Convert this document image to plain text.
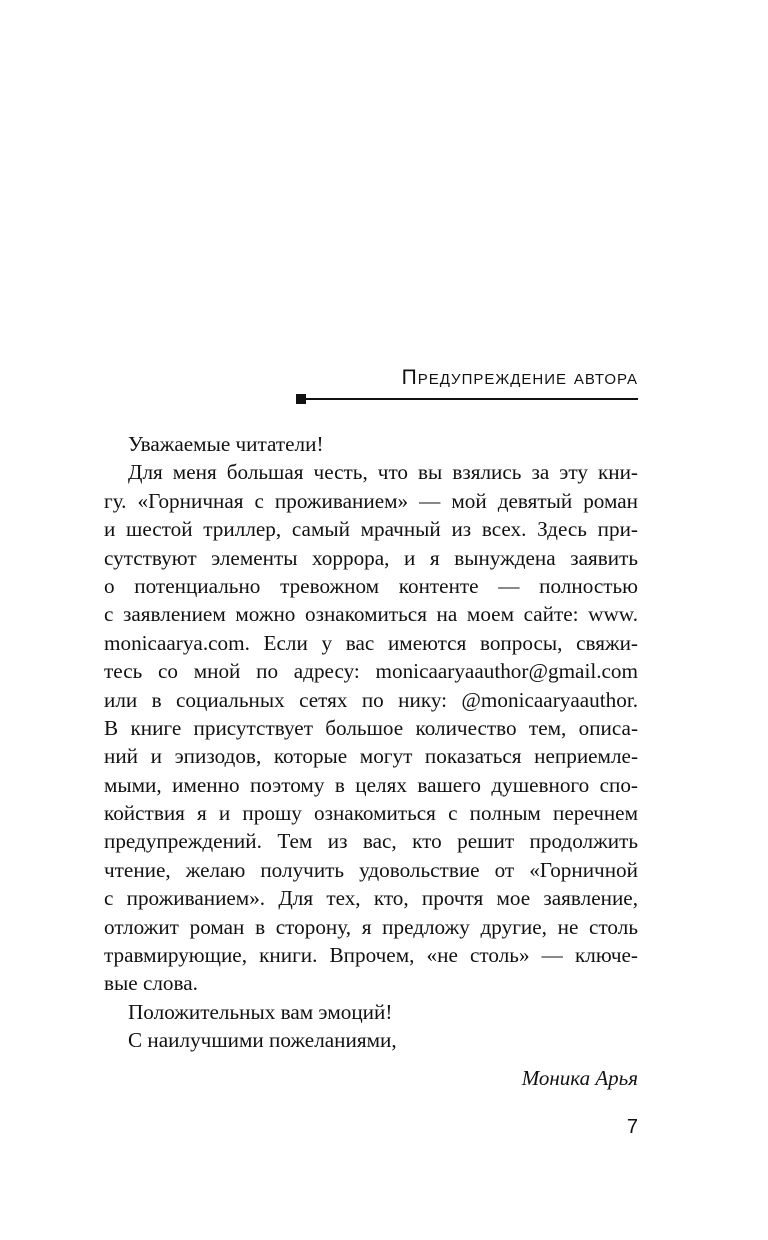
Предупреждение автора
Уважаемые читатели!
Для меня большая честь, что вы взялись за эту кни-
гу. «Горничная с проживанием» — мой девятый роман
и шестой триллер, самый мрачный из всех. Здесь при-
сутствуют элементы хоррора, и я вынуждена заявить
о потенциально тревожном контенте — полностью
с заявлением можно ознакомиться на моем сайте: www.
monicaarya.com. Если у вас имеются вопросы, свяжи-
тесь со мной по адресу: monicaaryaauthor@gmail.com
или в социальных сетях по нику: @monicaaryaauthor.
В книге присутствует большое количество тем, описа-
ний и эпизодов, которые могут показаться неприемле-
мыми, именно поэтому в целях вашего душевного спо-
койствия я и прошу ознакомиться с полным перечнем
предупреждений. Тем из вас, кто решит продолжить
чтение, желаю получить удовольствие от «Горничной
с проживанием». Для тех, кто, прочтя мое заявление,
отложит роман в сторону, я предложу другие, не столь
травмирующие, книги. Впрочем, «не столь» — ключе-
вые слова.
Положительных вам эмоций!
С наилучшими пожеланиями,
Моника Арья
7
